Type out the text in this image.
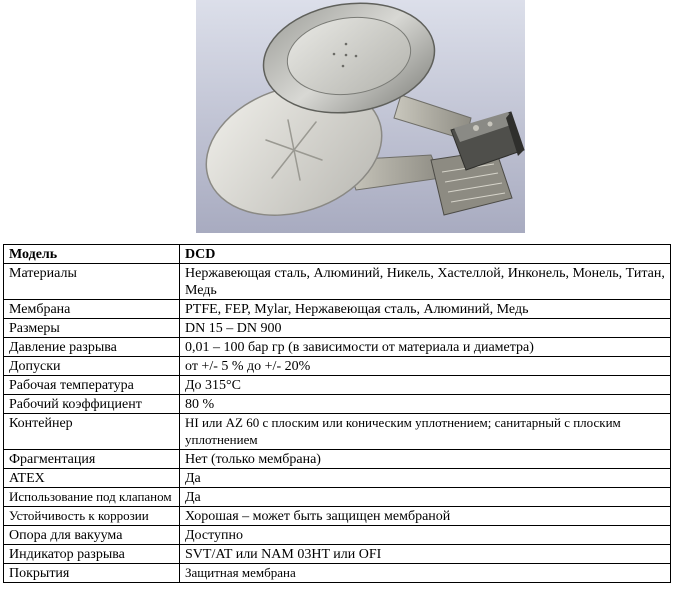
Модель	DCD
Материалы	Нержавеющая сталь, Алюминий, Никель, Хастеллой, Инконель, Монель, Титан, Медь
Мембрана	PTFE, FEP, Mylar, Нержавеющая сталь, Алюминий, Медь
Размеры	DN 15 – DN 900
Давление разрыва	0,01 – 100 бар гр (в зависимости от материала и диаметра)
Допуски	от +/- 5 % до +/- 20%
Рабочая температура	До 315°C
Рабочий коэффициент	80 %
Контейнер	HI или AZ 60 с плоским или коническим уплотнением; санитарный с плоским уплотнением
Фрагментация	Нет (только мембрана)
ATEX	Да
Использование под клапаном	Да
Устойчивость к коррозии	Хорошая – может быть защищен мембраной
Опора для вакуума	Доступно
Индикатор разрыва	SVT/AT или NAM 03HT или OFI
Покрытия	Защитная мембрана
